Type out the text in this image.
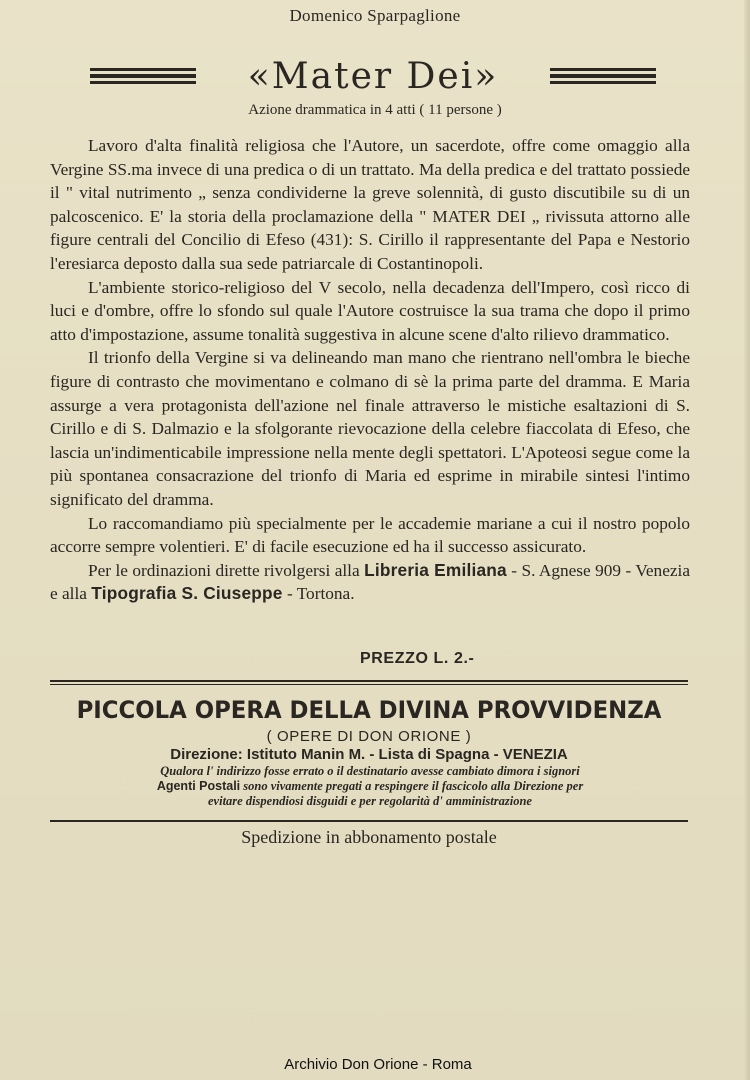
Domenico Sparpaglione
«Mater Dei»
Azione drammatica in 4 atti ( 11 persone )

Lavoro d'alta finalità religiosa che l'Autore, un sacerdote, offre come omaggio alla Vergine SS.ma invece di una predica o di un trattato. Ma della predica e del trattato possiede il " vital nutrimento „ senza condividerne la greve solennità, di gusto discutibile su di un palcoscenico. E' la storia della proclamazione della " MATER DEI „ rivissuta attorno alle figure centrali del Concilio di Efeso (431): S. Cirillo il rappresentante del Papa e Nestorio l'eresiarca deposto dalla sua sede patriarcale di Costantinopoli.

L'ambiente storico-religioso del V secolo, nella decadenza dell'Impero, così ricco di luci e d'ombre, offre lo sfondo sul quale l'Autore costruisce la sua trama che dopo il primo atto d'impostazione, assume tonalità suggestiva in alcune scene d'alto rilievo drammatico.

Il trionfo della Vergine si va delineando man mano che rientrano nell'ombra le bieche figure di contrasto che movimentano e colmano di sè la prima parte del dramma. E Maria assurge a vera protagonista dell'azione nel finale attraverso le mistiche esaltazioni di S. Cirillo e di S. Dalmazio e la sfolgorante rievocazione della celebre fiaccolata di Efeso, che lascia un'indimenticabile impressione nella mente degli spettatori. L'Apoteosi segue come la più spontanea consacrazione del trionfo di Maria ed esprime in mirabile sintesi l'intimo significato del dramma.

Lo raccomandiamo più specialmente per le accademie mariane a cui il nostro popolo accorre sempre volentieri. E' di facile esecuzione ed ha il successo assicurato.

Per le ordinazioni dirette rivolgersi alla Libreria Emiliana - S. Agnese 909 - Venezia e alla Tipografia S. Ciuseppe - Tortona.

PREZZO L. 2.-
PICCOLA OPERA DELLA DIVINA PROVVIDENZA
( OPERE DI DON ORIONE )
Direzione: Istituto Manin M. - Lista di Spagna - VENEZIA
Qualora l' indirizzo fosse errato o il destinatario avesse cambiato dimora i signori
Agenti Postali sono vivamente pregati a respingere il fascicolo alla Direzione per
evitare dispendiosi disguidi e per regolarità d' amministrazione
Spedizione in abbonamento postale
Archivio Don Orione - Roma
